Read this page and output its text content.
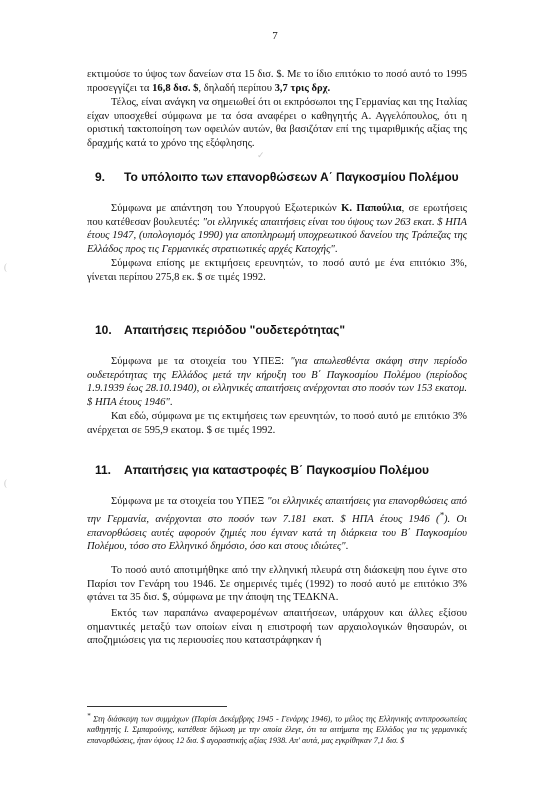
7

εκτιμούσε το ύψος των δανείων στα 15 δισ. $. Με το ίδιο επιτόκιο το ποσό αυτό το 1995 προσεγγίζει τα 16,8 δισ. $, δηλαδή περίπου 3,7 τρις δρχ.

Τέλος, είναι ανάγκη να σημειωθεί ότι οι εκπρόσωποι της Γερμανίας και της Ιταλίας είχαν υποσχεθεί σύμφωνα με τα όσα αναφέρει ο καθηγητής Α. Αγγελόπουλος, ότι η οριστική τακτοποίηση των οφειλών αυτών, θα βασιζόταν επί της τιμαριθμικής αξίας της δραχμής κατά το χρόνο της εξόφλησης.

✓
9. Το υπόλοιπο των επανορθώσεων Α΄ Παγκοσμίου Πολέμου

Σύμφωνα με απάντηση του Υπουργού Εξωτερικών Κ. Παπούλια, σε ερωτήσεις που κατέθεσαν βουλευτές: "οι ελληνικές απαιτήσεις είναι του ύψους των 263 εκατ. $ ΗΠΑ έτους 1947, (υπολογισμός 1990) για αποπληρωμή υποχρεωτικού δανείου της Τράπεζας της Ελλάδος προς τις Γερμανικές στρατιωτικές αρχές Κατοχής".

Σύμφωνα επίσης με εκτιμήσεις ερευνητών, το ποσό αυτό με ένα επιτόκιο 3%, γίνεται περίπου 275,8 εκ. $ σε τιμές 1992.

10. Απαιτήσεις περιόδου "ουδετερότητας"

Σύμφωνα με τα στοιχεία του ΥΠΕΞ: "για απωλεσθέντα σκάφη στην περίοδο ουδετερότητας της Ελλάδος μετά την κήρυξη του Β΄ Παγκοσμίου Πολέμου (περίοδος 1.9.1939 έως 28.10.1940), οι ελληνικές απαιτήσεις ανέρχονται στο ποσόν των 153 εκατομ. $ ΗΠΑ έτους 1946".

Και εδώ, σύμφωνα με τις εκτιμήσεις των ερευνητών, το ποσό αυτό με επιτόκιο 3% ανέρχεται σε 595,9 εκατομ. $ σε τιμές 1992.

11. Απαιτήσεις για καταστροφές Β΄ Παγκοσμίου Πολέμου

Σύμφωνα με τα στοιχεία του ΥΠΕΞ "οι ελληνικές απαιτήσεις για επανορθώσεις από την Γερμανία, ανέρχονται στο ποσόν των 7.181 εκατ. $ ΗΠΑ έτους 1946 (*). Οι επανορθώσεις αυτές αφορούν ζημιές που έγιναν κατά τη διάρκεια του Β΄ Παγκοσμίου Πολέμου, τόσο στο Ελληνικό δημόσιο, όσο και στους ιδιώτες".

Το ποσό αυτό αποτιμήθηκε από την ελληνική πλευρά στη διάσκεψη που έγινε στο Παρίσι τον Γενάρη του 1946. Σε σημερινές τιμές (1992) το ποσό αυτό με επιτόκιο 3% φτάνει τα 35 δισ. $, σύμφωνα με την άποψη της ΤΕΔΚΝΑ.

Εκτός των παραπάνω αναφερομένων απαιτήσεων, υπάρχουν και άλλες εξίσου σημαντικές μεταξύ των οποίων είναι η επιστροφή των αρχαιολογικών θησαυρών, οι αποζημιώσεις για τις περιουσίες που καταστράφηκαν ή

* Στη διάσκεψη των συμμάχων (Παρίσι Δεκέμβρης 1945 - Γενάρης 1946), το μέλος της Ελληνικής αντιπροσωπείας καθηγητής Ι. Σμπαρούνης, κατέθεσε δήλωση με την οποία έλεγε, ότι τα αιτήματα της Ελλάδος για τις γερμανικές επανορθώσεις, ήταν ύψους 12 δισ. $ αγοραστικής αξίας 1938. Απ' αυτά, μας εγκρίθηκαν 7,1 δισ. $

(
(
